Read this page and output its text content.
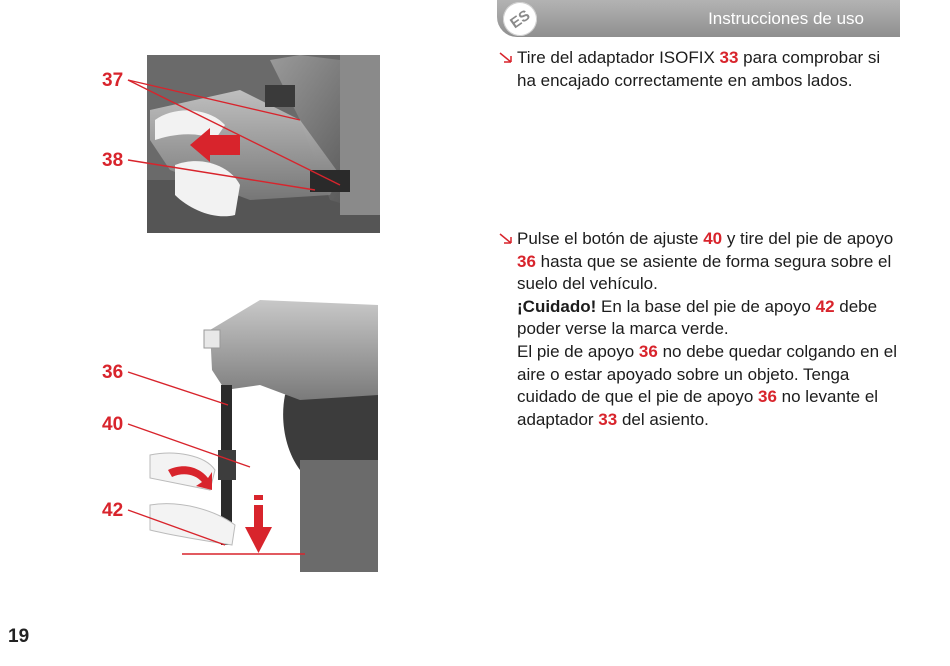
ES	Instrucciones de uso
37
38
36
40
42

Tire del adaptador ISOFIX 33 para comprobar si ha encajado correctamente en ambos lados.

Pulse el botón de ajuste 40 y tire del pie de apoyo 36 hasta que se asiente de forma segura sobre el suelo del vehículo.

¡Cuidado! En la base del pie de apoyo 42 debe poder verse la marca verde.

El pie de apoyo 36 no debe quedar colgando en el aire o estar apoyado sobre un objeto. Tenga cuidado de que el pie de apoyo 36 no levante el adaptador 33 del asiento.

19
